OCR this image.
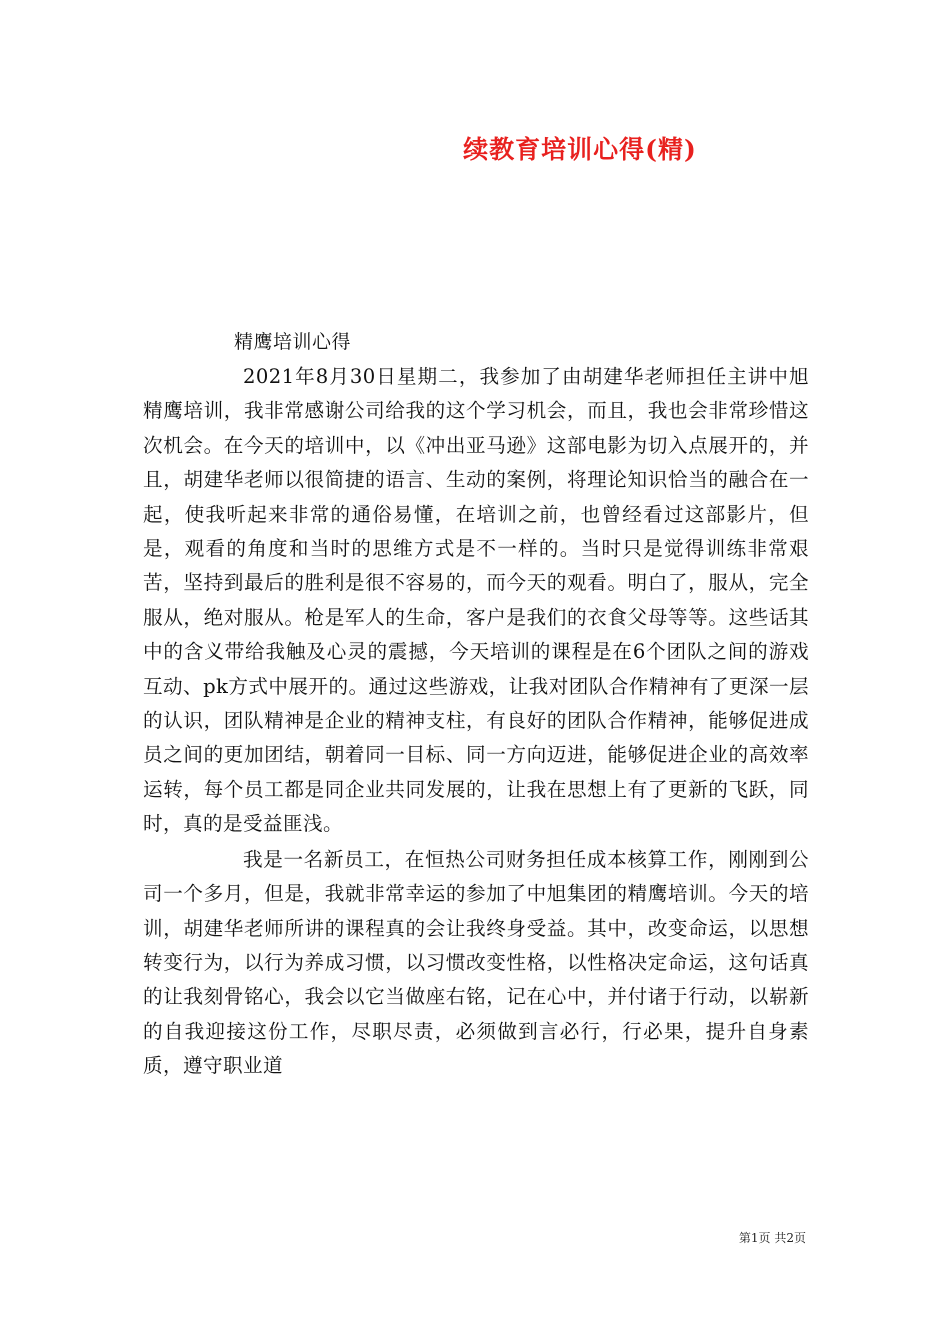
续教育培训心得(精)
精鹰培训心得

2021年8月30日星期二，我参加了由胡建华老师担任主讲中旭精鹰培训，我非常感谢公司给我的这个学习机会，而且，我也会非常珍惜这次机会。在今天的培训中，以《冲出亚马逊》这部电影为切入点展开的，并且，胡建华老师以很简捷的语言、生动的案例，将理论知识恰当的融合在一起，使我听起来非常的通俗易懂，在培训之前，也曾经看过这部影片，但是，观看的角度和当时的思维方式是不一样的。当时只是觉得训练非常艰苦，坚持到最后的胜利是很不容易的，而今天的观看。明白了，服从，完全服从，绝对服从。枪是军人的生命，客户是我们的衣食父母等等。这些话其中的含义带给我触及心灵的震撼，今天培训的课程是在6个团队之间的游戏互动、pk方式中展开的。通过这些游戏，让我对团队合作精神有了更深一层的认识，团队精神是企业的精神支柱，有良好的团队合作精神，能够促进成员之间的更加团结，朝着同一目标、同一方向迈进，能够促进企业的高效率运转，每个员工都是同企业共同发展的，让我在思想上有了更新的飞跃，同时，真的是受益匪浅。

我是一名新员工，在恒热公司财务担任成本核算工作，刚刚到公司一个多月，但是，我就非常幸运的参加了中旭集团的精鹰培训。今天的培训，胡建华老师所讲的课程真的会让我终身受益。其中，改变命运，以思想转变行为，以行为养成习惯，以习惯改变性格，以性格决定命运，这句话真的让我刻骨铭心，我会以它当做座右铭，记在心中，并付诸于行动，以崭新的自我迎接这份工作，尽职尽责，必须做到言必行，行必果，提升自身素质，遵守职业道

第1页 共2页
